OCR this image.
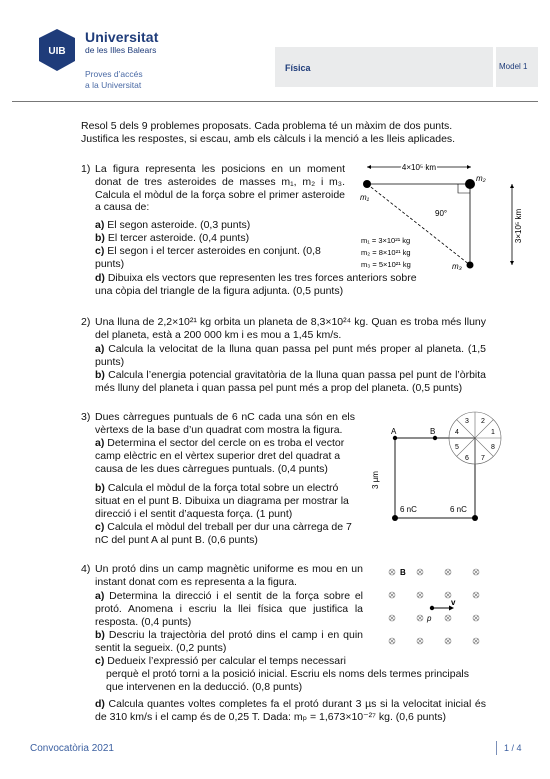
UIB
Universitat
de les Illes Balears
Proves d’accés
a la Universitat
Física	Model 1
Resol 5 dels 9 problemes proposats. Cada problema té un màxim de dos punts.
Justifica les respostes, si escau, amb els càlculs i la menció a les lleis aplicades.
1) La figura representa les posicions en un moment donat de tres asteroides de masses m₁, m₂ i m₃. Calcula el mòdul de la força sobre el primer asteroide a causa de:
a) El segon asteroide. (0,3 punts)
b) El tercer asteroide. (0,4 punts)
c) El segon i el tercer asteroides en conjunt. (0,8 punts)
d) Dibuixa els vectors que representen les tres forces anteriors sobre una còpia del triangle de la figura adjunta. (0,5 punts)
4×10⁵ km
90°
m₁
m₂
m₃
3×10⁵ km
m₁ = 3×10²¹ kg
m₂ = 8×10²¹ kg
m₃ = 5×10²¹ kg
2) Una lluna de 2,2×10²¹ kg orbita un planeta de 8,3×10²⁴ kg. Quan es troba més lluny del planeta, està a 200 000 km i es mou a 1,45 km/s.
a) Calcula la velocitat de la lluna quan passa pel punt més proper al planeta. (1,5 punts)
b) Calcula l’energia potencial gravitatòria de la lluna quan passa pel punt de l’òrbita més lluny del planeta i quan passa pel punt més a prop del planeta. (0,5 punts)
3) Dues càrregues puntuals de 6 nC cada una són en els vèrtexs de la base d’un quadrat com mostra la figura.
a) Determina el sector del cercle on es troba el vector camp elèctric en el vèrtex superior dret del quadrat a causa de les dues càrregues puntuals. (0,4 punts)
b) Calcula el mòdul de la força total sobre un electró situat en el punt B. Dibuixa un diagrama per mostrar la direcció i el sentit d’aquesta força. (1 punt)
c) Calcula el mòdul del treball per dur una càrrega de 7 nC del punt A al punt B. (0,6 punts)
A	B
3 µm
6 nC	6 nC
1
2
3
4
5
6 7
8
4) Un protó dins un camp magnètic uniforme es mou en un instant donat com es representa a la figura.
a) Determina la direcció i el sentit de la força sobre el protó. Anomena i escriu la llei física que justifica la resposta. (0,4 punts)
b) Descriu la trajectòria del protó dins el camp i en quin sentit la segueix. (0,2 punts)
c) Dedueix l’expressió per calcular el temps necessari
perquè el protó torni a la posició inicial. Escriu els noms dels termes principals que intervenen en la deducció. (0,8 punts)
d) Calcula quantes voltes completes fa el protó durant 3 µs si la velocitat inicial és de 310 km/s i el camp és de 0,25 T. Dada: mₚ = 1,673×10⁻²⁷ kg. (0,6 punts)
B
v
p
Convocatòria 2021	1 / 4
